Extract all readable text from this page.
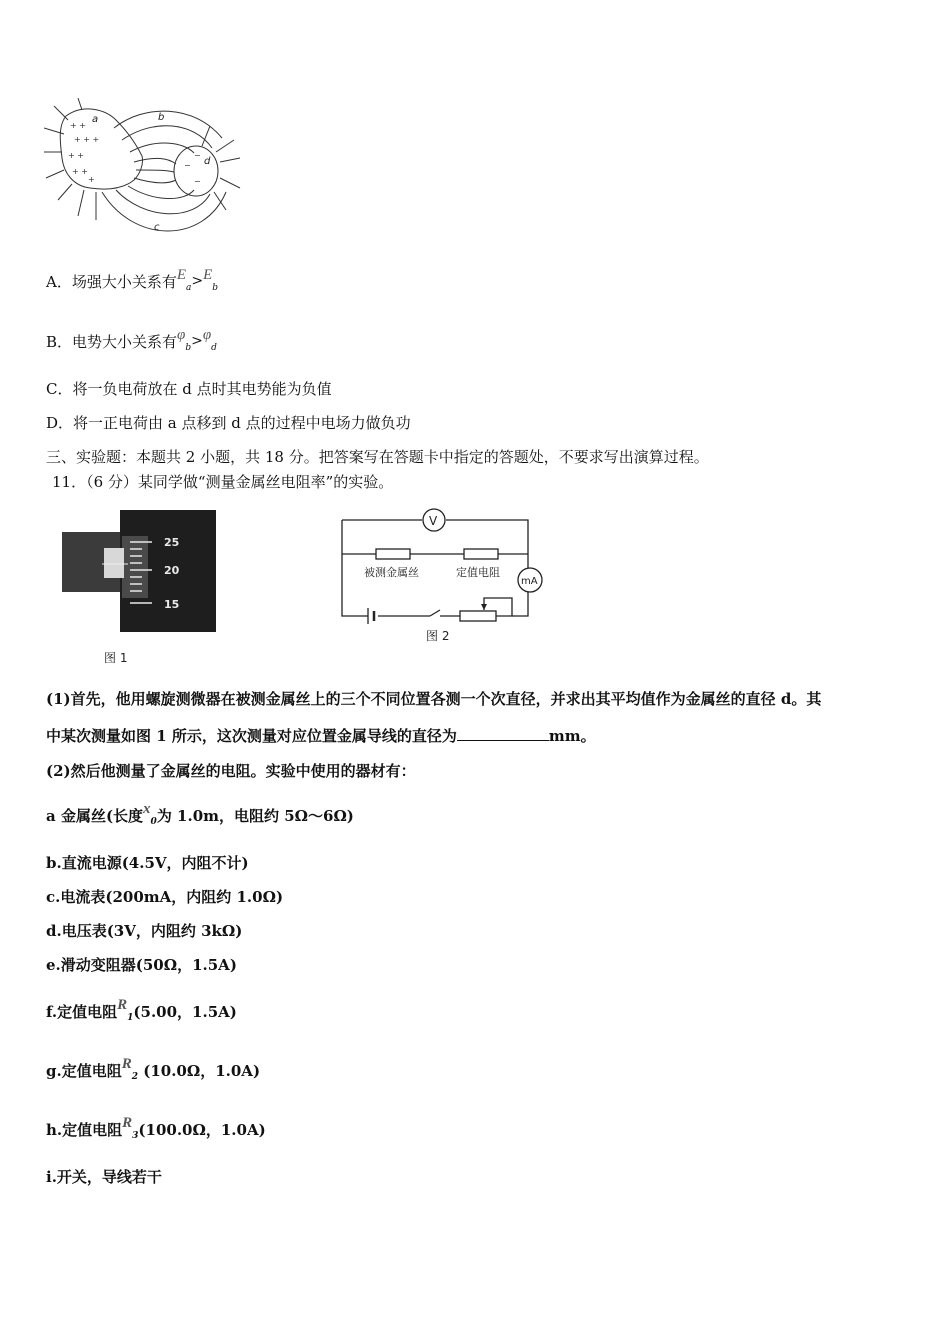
+ +
+ + +
+ +
+ +
+
−
−
−
a	b
c
d
A．场强大小关系有$E_a>E_b$
B．电势大小关系有$\varphi_b>\varphi_d$
C．将一负电荷放在 d 点时其电势能为负值
D．将一正电荷由 a 点移到 d 点的过程中电场力做负功
三、实验题：本题共 2 小题，共 18 分。把答案写在答题卡中指定的答题处，不要求写出演算过程。
11．（6 分）某同学做“测量金属丝电阻率”的实验。
25
20
15
图 1
V
mA
被测金属丝	定值电阻
图 2
(1)首先，他用螺旋测微器在被测金属丝上的三个不同位置各测一个次直径，并求出其平均值作为金属丝的直径 d。其
中某次测量如图 1 所示，这次测量对应位置金属导线的直径为	mm。
(2)然后他测量了金属丝的电阻。实验中使用的器材有：
a 金属丝(长度$x_0$为 1.0m，电阻约 5Ω～6Ω)
b.直流电源(4.5V，内阻不计)
c.电流表(200mA，内阻约 1.0Ω)
d.电压表(3V，内阻约 3kΩ)
e.滑动变阻器(50Ω，1.5A)
f.定值电阻$R_1(5.00$，1.5A)
g.定值电阻$R_2$ (10.0Ω，1.0A)
h.定值电阻$R_3(100.0\Omega$，1.0A)
i.开关，导线若干
